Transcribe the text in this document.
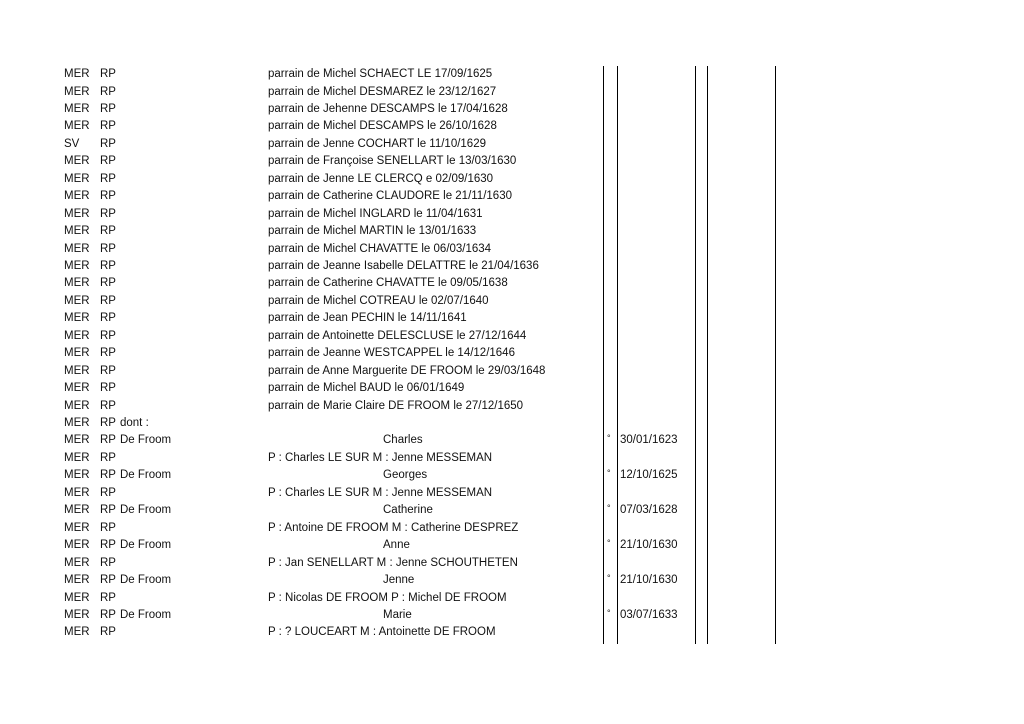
MER RP	parrain de Michel SCHAECT LE 17/09/1625
MER RP	parrain de Michel DESMAREZ le 23/12/1627
MER RP	parrain de Jehenne DESCAMPS le 17/04/1628
MER RP	parrain de Michel DESCAMPS le 26/10/1628
SV RP	parrain de Jenne COCHART le 11/10/1629
MER RP	parrain de Françoise SENELLART le 13/03/1630
MER RP	parrain de Jenne LE CLERCQ e 02/09/1630
MER RP	parrain de Catherine CLAUDORE le 21/11/1630
MER RP	parrain de Michel INGLARD le 11/04/1631
MER RP	parrain de Michel MARTIN le 13/01/1633
MER RP	parrain de Michel CHAVATTE le 06/03/1634
MER RP	parrain de Jeanne Isabelle DELATTRE le 21/04/1636
MER RP	parrain de Catherine CHAVATTE le 09/05/1638
MER RP	parrain de Michel COTREAU le 02/07/1640
MER RP	parrain de Jean PECHIN le 14/11/1641
MER RP	parrain de Antoinette DELESCLUSE le 27/12/1644
MER RP	parrain de Jeanne WESTCAPPEL le 14/12/1646
MER RP	parrain de Anne Marguerite DE FROOM le 29/03/1648
MER RP	parrain de Michel BAUD le 06/01/1649
MER RP	parrain de Marie Claire DE FROOM le 27/12/1650
MER RP dont :
MER RP De Froom	Charles	° 30/01/1623
MER RP	P : Charles LE SUR M : Jenne MESSEMAN
MER RP De Froom	Georges	° 12/10/1625
MER RP	P : Charles LE SUR M : Jenne MESSEMAN
MER RP De Froom	Catherine	° 07/03/1628
MER RP	P : Antoine DE FROOM M : Catherine DESPREZ
MER RP De Froom	Anne	° 21/10/1630
MER RP	P : Jan SENELLART M : Jenne SCHOUTHETEN
MER RP De Froom	Jenne	° 21/10/1630
MER RP	P : Nicolas DE FROOM P : Michel DE FROOM
MER RP De Froom	Marie	° 03/07/1633
MER RP	P : ? LOUCEART M : Antoinette DE FROOM
